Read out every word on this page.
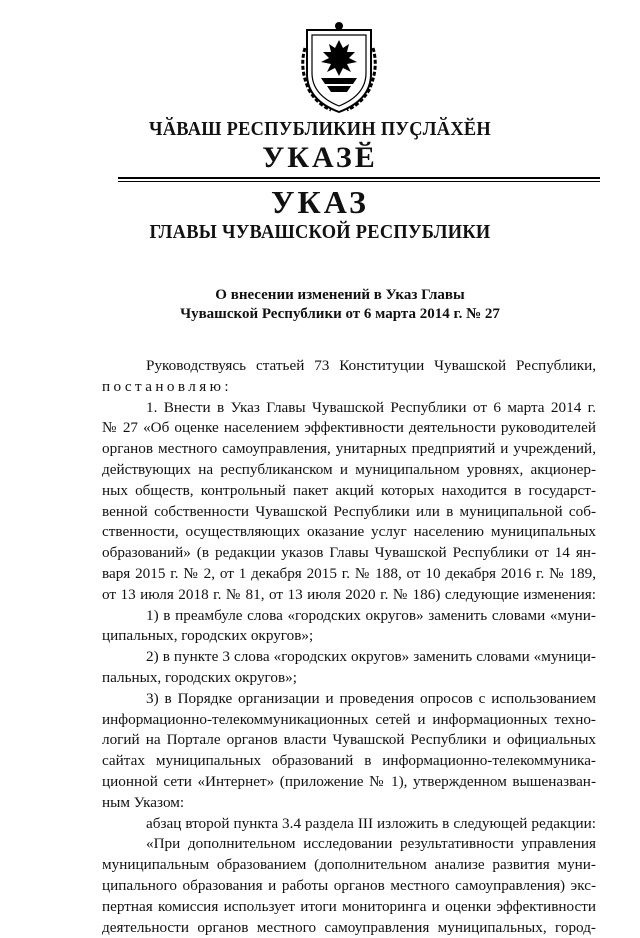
ЧӐВАШ РЕСПУБЛИКИН ПУҪЛӐХӖН
УКАЗӖ
УКАЗ
ГЛАВЫ ЧУВАШСКОЙ РЕСПУБЛИКИ
О внесении изменений в Указ Главы
Чувашской Республики от 6 марта 2014 г. № 27
Руководствуясь статьей 73 Конституции Чувашской Республики,
постановляю:
1. Внести в Указ Главы Чувашской Республики от 6 марта 2014 г.
№ 27 «Об оценке населением эффективности деятельности руководителей
органов местного самоуправления, унитарных предприятий и учреждений,
действующих на республиканском и муниципальном уровнях, акционер-
ных обществ, контрольный пакет акций которых находится в государст-
венной собственности Чувашской Республики или в муниципальной соб-
ственности, осуществляющих оказание услуг населению муниципальных
образований» (в редакции указов Главы Чувашской Республики от 14 ян-
варя 2015 г. № 2, от 1 декабря 2015 г. № 188, от 10 декабря 2016 г. № 189,
от 13 июля 2018 г. № 81, от 13 июля 2020 г. № 186) следующие изменения:
1) в преамбуле слова «городских округов» заменить словами «муни-
ципальных, городских округов»;
2) в пункте 3 слова «городских округов» заменить словами «муници-
пальных, городских округов»;
3) в Порядке организации и проведения опросов с использованием
информационно-телекоммуникационных сетей и информационных техно-
логий на Портале органов власти Чувашской Республики и официальных
сайтах муниципальных образований в информационно-телекоммуника-
ционной сети «Интернет» (приложение № 1), утвержденном вышеназван-
ным Указом:
абзац второй пункта 3.4 раздела III изложить в следующей редакции:
«При дополнительном исследовании результативности управления
муниципальным образованием (дополнительном анализе развития муни-
ципального образования и работы органов местного самоуправления) экс-
пертная комиссия использует итоги мониторинга и оценки эффективности
деятельности органов местного самоуправления муниципальных, город-
